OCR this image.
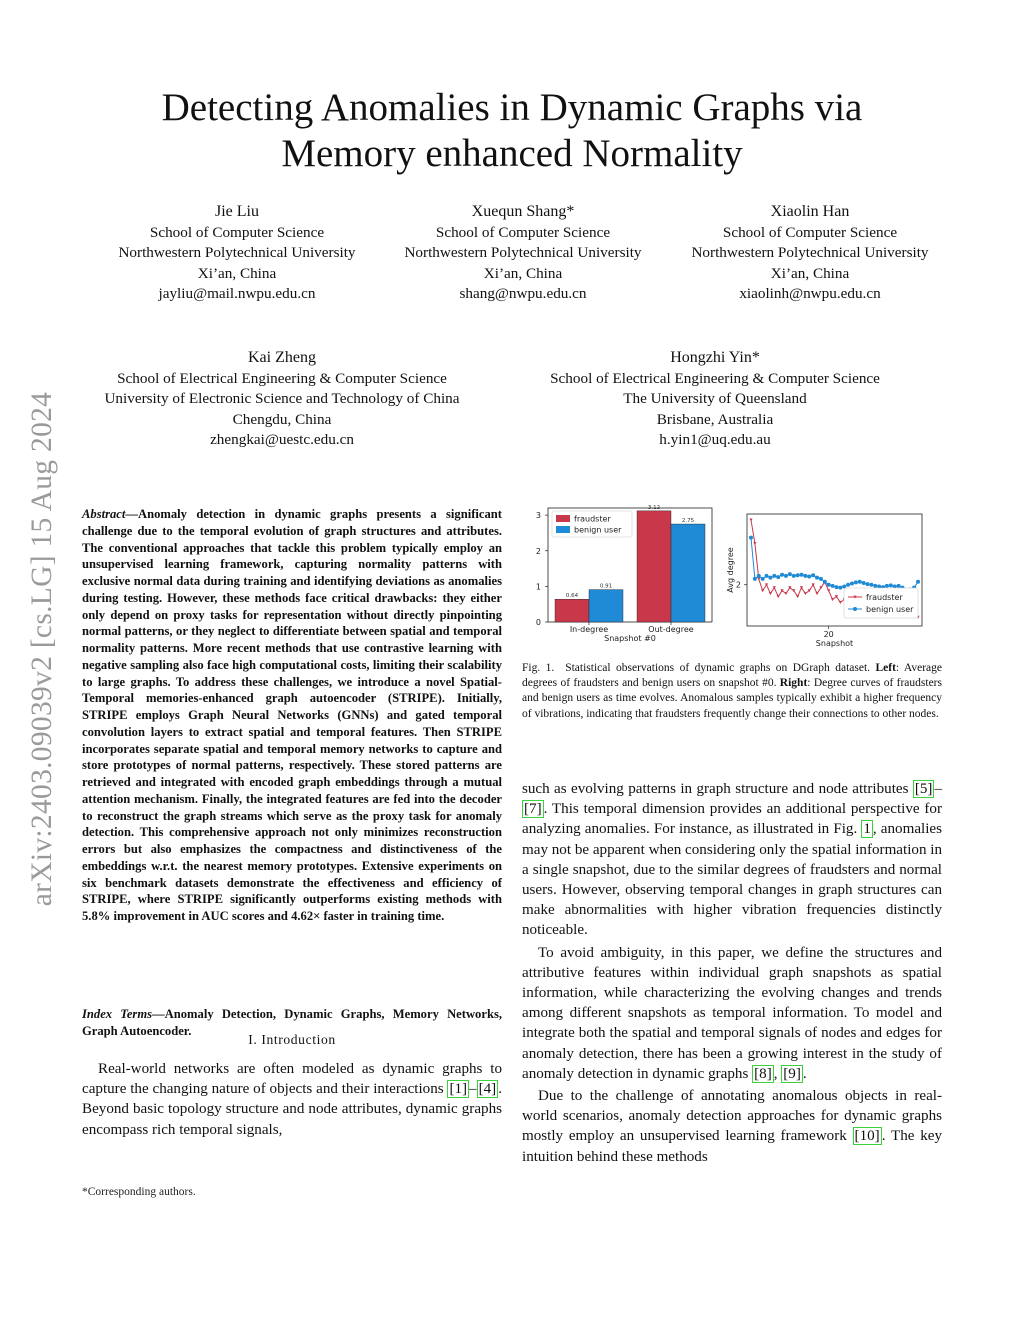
arXiv:2403.09039v2 [cs.LG] 15 Aug 2024
Detecting Anomalies in Dynamic Graphs via
Memory enhanced Normality
Jie Liu
School of Computer Science
Northwestern Polytechnical University
Xi’an, China
jayliu@mail.nwpu.edu.cn
Xuequn Shang*
School of Computer Science
Northwestern Polytechnical University
Xi’an, China
shang@nwpu.edu.cn
Xiaolin Han
School of Computer Science
Northwestern Polytechnical University
Xi’an, China
xiaolinh@nwpu.edu.cn
Kai Zheng
School of Electrical Engineering & Computer Science
University of Electronic Science and Technology of China
Chengdu, China
zhengkai@uestc.edu.cn
Hongzhi Yin*
School of Electrical Engineering & Computer Science
The University of Queensland
Brisbane, Australia
h.yin1@uq.edu.au
Abstract—Anomaly detection in dynamic graphs presents a significant challenge due to the temporal evolution of graph structures and attributes. The conventional approaches that tackle this problem typically employ an unsupervised learning framework, capturing normality patterns with exclusive normal data during training and identifying deviations as anomalies during testing. However, these methods face critical drawbacks: they either only depend on proxy tasks for representation without directly pinpointing normal patterns, or they neglect to differentiate between spatial and temporal normality patterns. More recent methods that use contrastive learning with negative sampling also face high computational costs, limiting their scalability to large graphs. To address these challenges, we introduce a novel Spatial-Temporal memories-enhanced graph autoencoder (STRIPE). Initially, STRIPE employs Graph Neural Networks (GNNs) and gated temporal convolution layers to extract spatial and temporal features. Then STRIPE incorporates separate spatial and temporal memory networks to capture and store prototypes of normal patterns, respectively. These stored patterns are retrieved and integrated with encoded graph embeddings through a mutual attention mechanism. Finally, the integrated features are fed into the decoder to reconstruct the graph streams which serve as the proxy task for anomaly detection. This comprehensive approach not only minimizes reconstruction errors but also emphasizes the compactness and distinctiveness of the embeddings w.r.t. the nearest memory prototypes. Extensive experiments on six benchmark datasets demonstrate the effectiveness and efficiency of STRIPE, where STRIPE significantly outperforms existing methods with 5.8% improvement in AUC scores and 4.62× faster in training time.
Index Terms—Anomaly Detection, Dynamic Graphs, Memory Networks, Graph Autoencoder.
I. Introduction
Real-world networks are often modeled as dynamic graphs to capture the changing nature of objects and their interactions [1] – [4] . Beyond basic topology structure and node attributes, dynamic graphs encompass rich temporal signals,
*Corresponding authors.
0
1
2
3
0.64
0.91
In-degree
3.12
2.75
Out-degree
Snapshot #0
fraudster
benign user
2
20
Snapshot
Avg degree
fraudster
benign user
Fig. 1. Statistical observations of dynamic graphs on DGraph dataset. Left: Average degrees of fraudsters and benign users on snapshot #0. Right: Degree curves of fraudsters and benign users as time evolves. Anomalous samples typically exhibit a higher frequency of vibrations, indicating that fraudsters frequently change their connections to other nodes.

such as evolving patterns in graph structure and node attributes [5] –[7] . This temporal dimension provides an additional perspective for analyzing anomalies. For instance, as illustrated in Fig. 1 , anomalies may not be apparent when considering only the spatial information in a single snapshot, due to the similar degrees of fraudsters and normal users. However, observing temporal changes in graph structures can make abnormalities with higher vibration frequencies distinctly noticeable.

To avoid ambiguity, in this paper, we define the structures and attributive features within individual graph snapshots as spatial information, while characterizing the evolving changes and trends among different snapshots as temporal information. To model and integrate both the spatial and temporal signals of nodes and edges for anomaly detection, there has been a growing interest in the study of anomaly detection in dynamic graphs [8] , [9] .

Due to the challenge of annotating anomalous objects in real-world scenarios, anomaly detection approaches for dynamic graphs mostly employ an unsupervised learning framework [10] . The key intuition behind these methods
